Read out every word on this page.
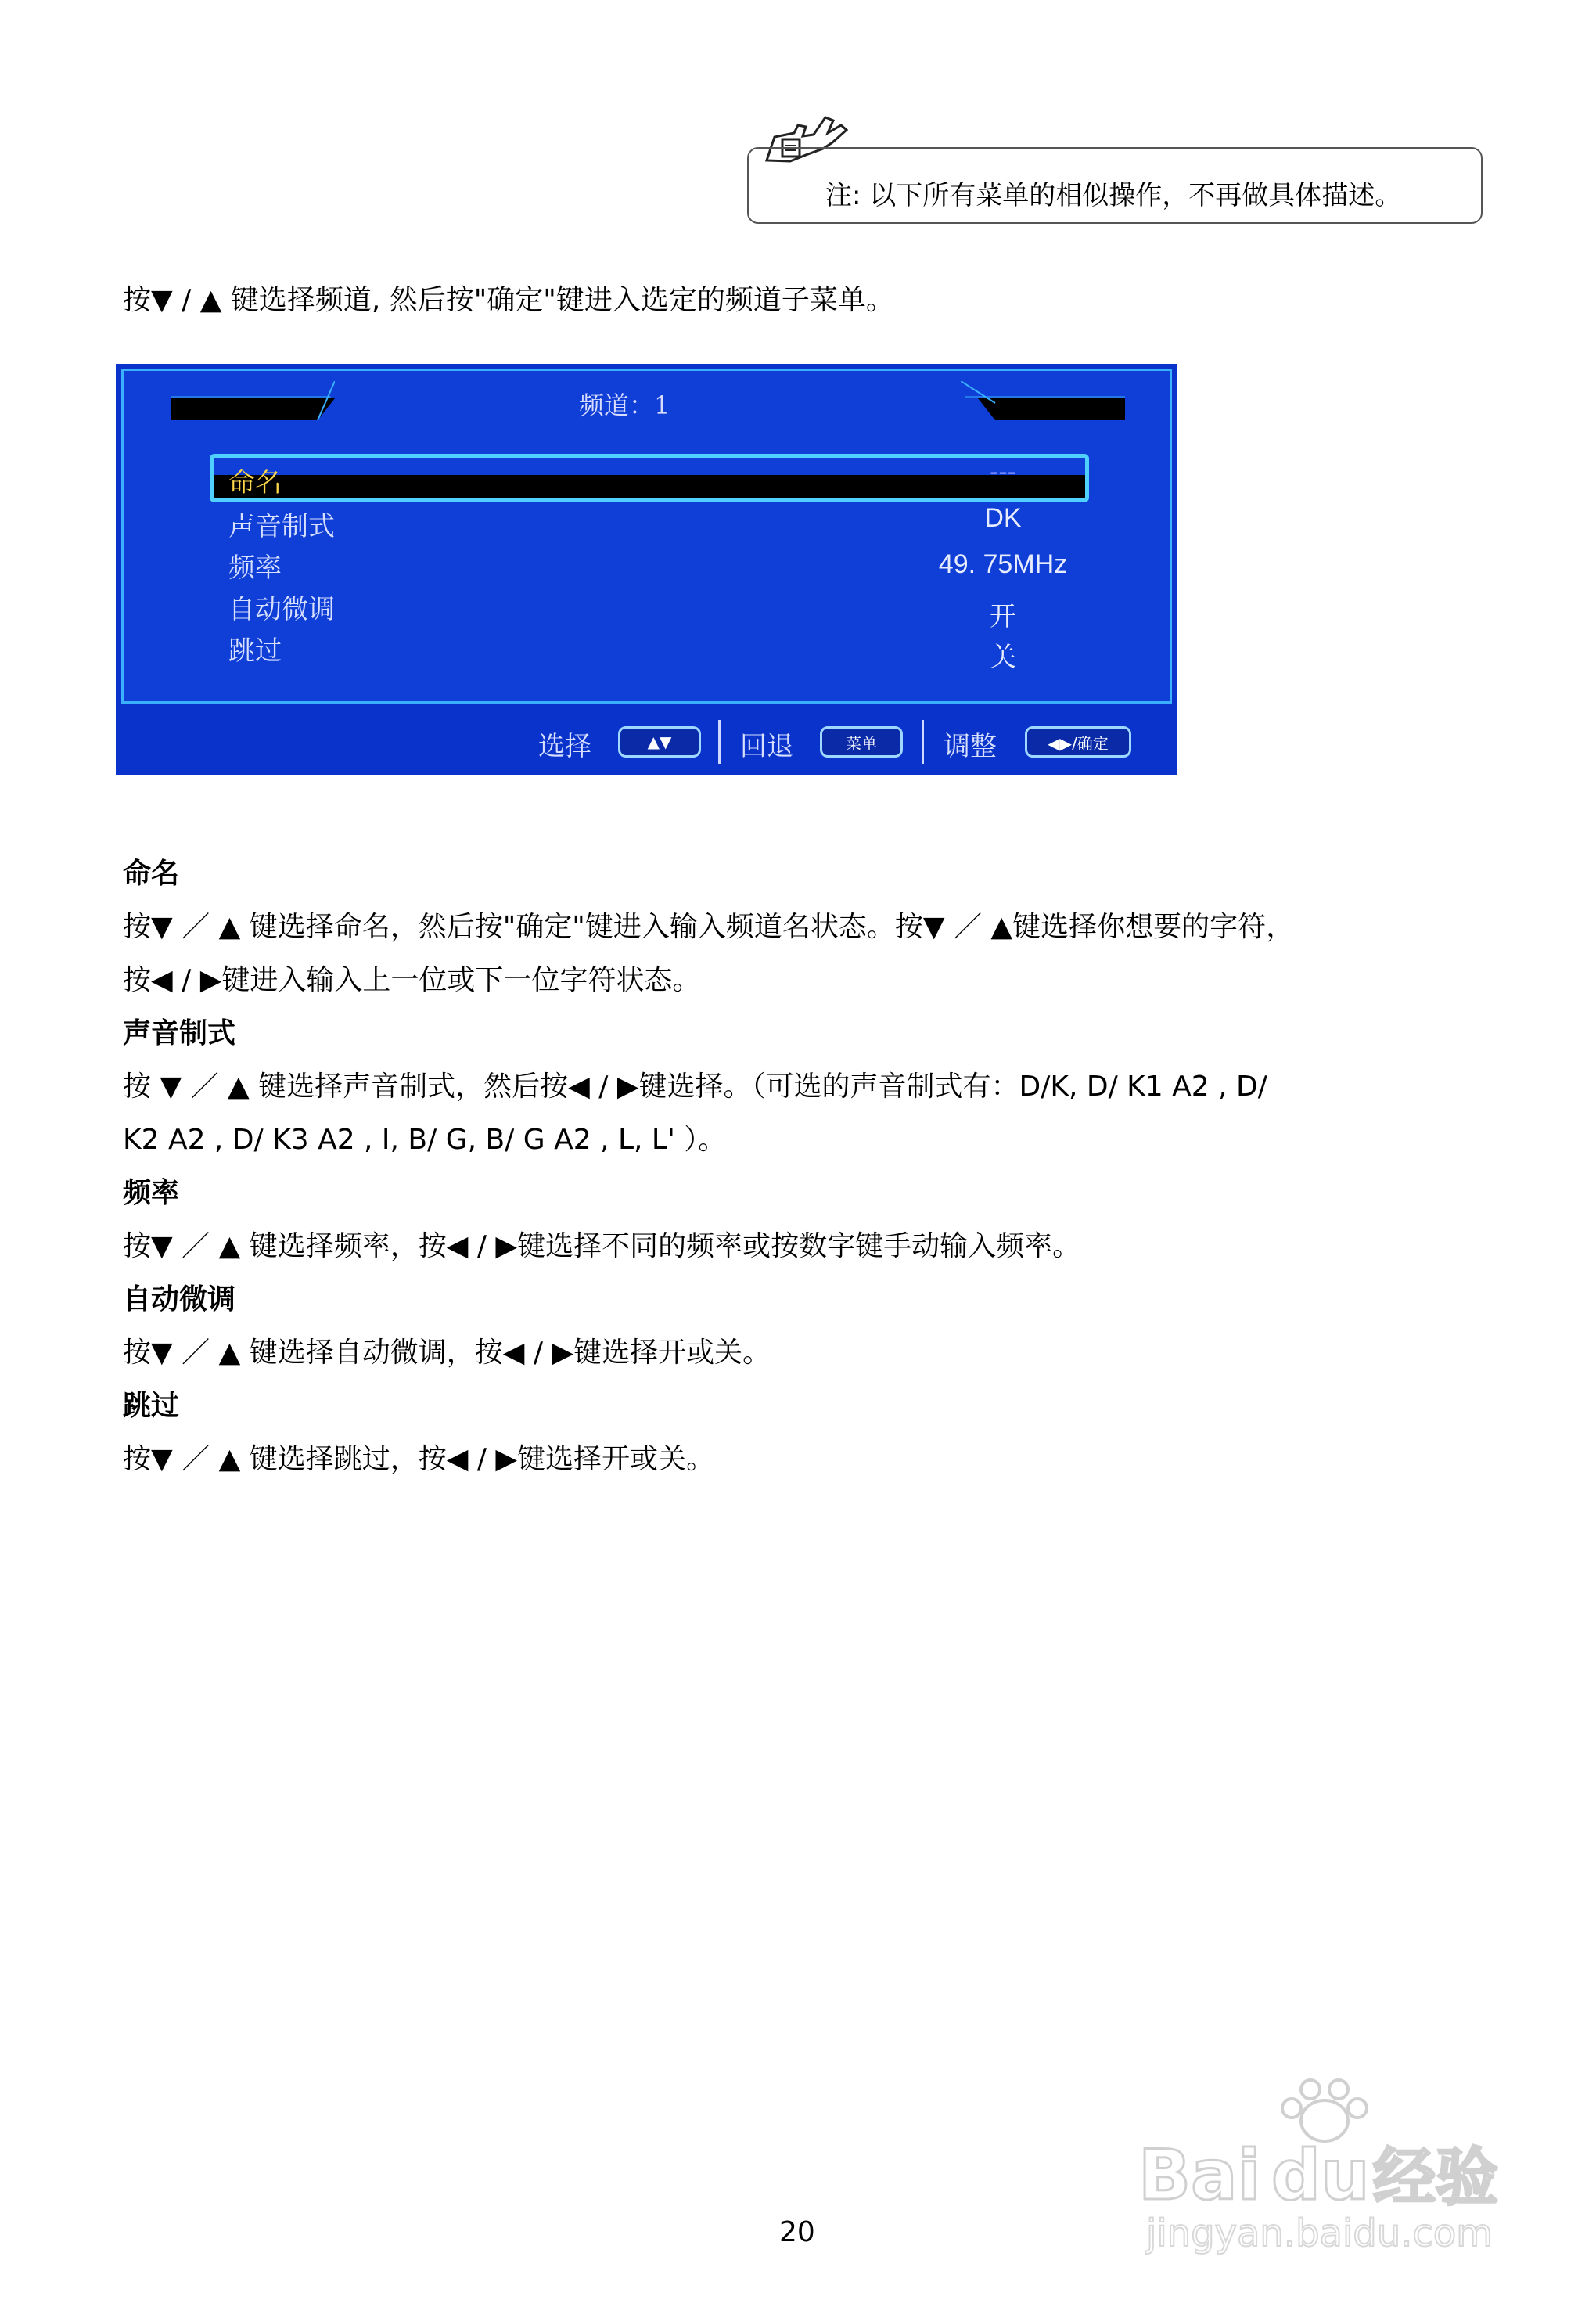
注: 以下所有菜单的相似操作，不再做具体描述。
按▼ / ▲ 键选择频道, 然后按"确定"键进入选定的频道子菜单。
频道：1
命名	---
声音制式	DK
频率	49. 75MHz
自动微调	开
跳过	关
选择	▲▼	回退	菜单	调整	◀▶/确定
命名
按▼ ／ ▲ 键选择命名，然后按"确定"键进入输入频道名状态。按▼ ／ ▲键选择你想要的字符，
按◀ / ▶键进入输入上一位或下一位字符状态。
声音制式
按 ▼ ／ ▲ 键选择声音制式，然后按◀ / ▶键选择。（可选的声音制式有：D/K, D/ K1 A2 , D/
K2 A2 , D/ K3 A2 , I, B/ G, B/ G A2 , L, L' ）。
频率
按▼ ／ ▲ 键选择频率，按◀ / ▶键选择不同的频率或按数字键手动输入频率。
自动微调
按▼ ／ ▲ 键选择自动微调，按◀ / ▶键选择开或关。
跳过
按▼ ／ ▲ 键选择跳过，按◀ / ▶键选择开或关。
Bai du 经验
jingyan.baidu.com
20
